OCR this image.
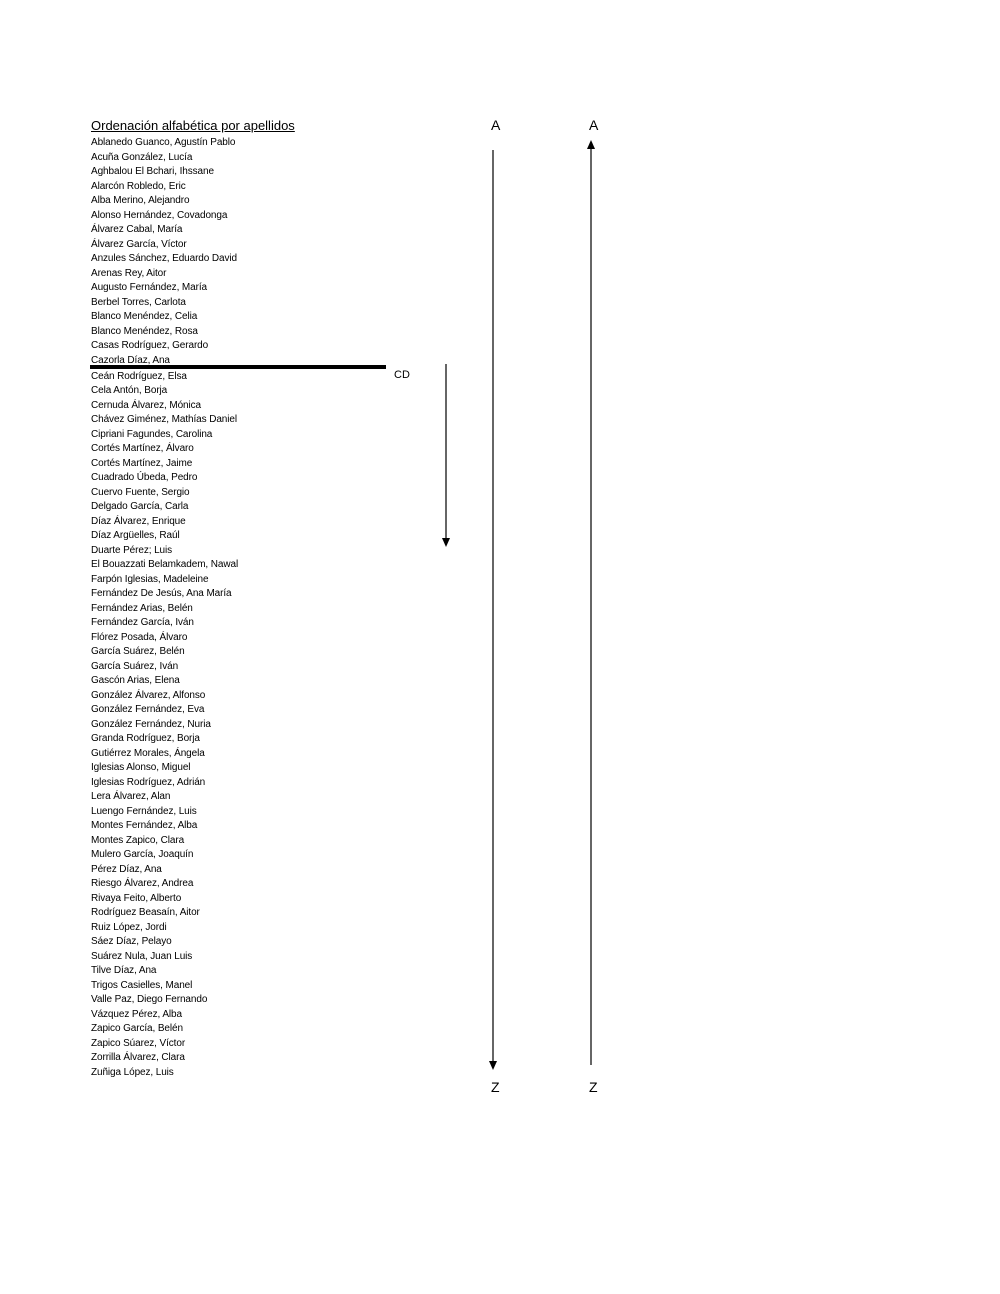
Ordenación alfabética por apellidos
Ablanedo Guanco, Agustín Pablo
Acuña González, Lucía
Aghbalou El Bchari, Ihssane
Alarcón Robledo, Eric
Alba Merino, Alejandro
Alonso Hernández, Covadonga
Álvarez Cabal, María
Álvarez García, Víctor
Anzules Sánchez, Eduardo David
Arenas Rey, Aitor
Augusto Fernández, María
Berbel Torres, Carlota
Blanco Menéndez, Celia
Blanco Menéndez, Rosa
Casas Rodríguez, Gerardo
Cazorla Díaz, Ana
Ceán Rodríguez, Elsa
Cela Antón, Borja
Cernuda Álvarez, Mónica
Chávez Giménez, Mathías Daniel
Cipriani Fagundes, Carolina
Cortés Martínez, Álvaro
Cortés Martínez, Jaime
Cuadrado Úbeda, Pedro
Cuervo Fuente, Sergio
Delgado García, Carla
Díaz Álvarez, Enrique
Díaz Argüelles, Raúl
Duarte Pérez; Luis
El Bouazzati Belamkadem, Nawal
Farpón Iglesias, Madeleine
Fernández De Jesús, Ana María
Fernández Arias, Belén
Fernández García, Iván
Flórez Posada, Álvaro
García Suárez, Belén
García Suárez, Iván
Gascón Arias, Elena
González Álvarez, Alfonso
González Fernández, Eva
González Fernández, Nuria
Granda Rodríguez, Borja
Gutiérrez Morales, Ángela
Iglesias Alonso, Miguel
Iglesias Rodríguez, Adrián
Lera Álvarez, Alan
Luengo Fernández, Luis
Montes Fernández, Alba
Montes Zapico, Clara
Mulero García, Joaquín
Pérez Díaz, Ana
Riesgo Álvarez, Andrea
Rivaya Feito, Alberto
Rodríguez Beasaín, Aitor
Ruiz López, Jordi
Sáez Díaz, Pelayo
Suárez Nula, Juan Luis
Tilve Díaz, Ana
Trigos Casielles, Manel
Valle Paz, Diego Fernando
Vázquez Pérez, Alba
Zapico García, Belén
Zapico Súarez, Víctor
Zorrilla Álvarez, Clara
Zuñiga López, Luis
CD
A
Z
A
Z
